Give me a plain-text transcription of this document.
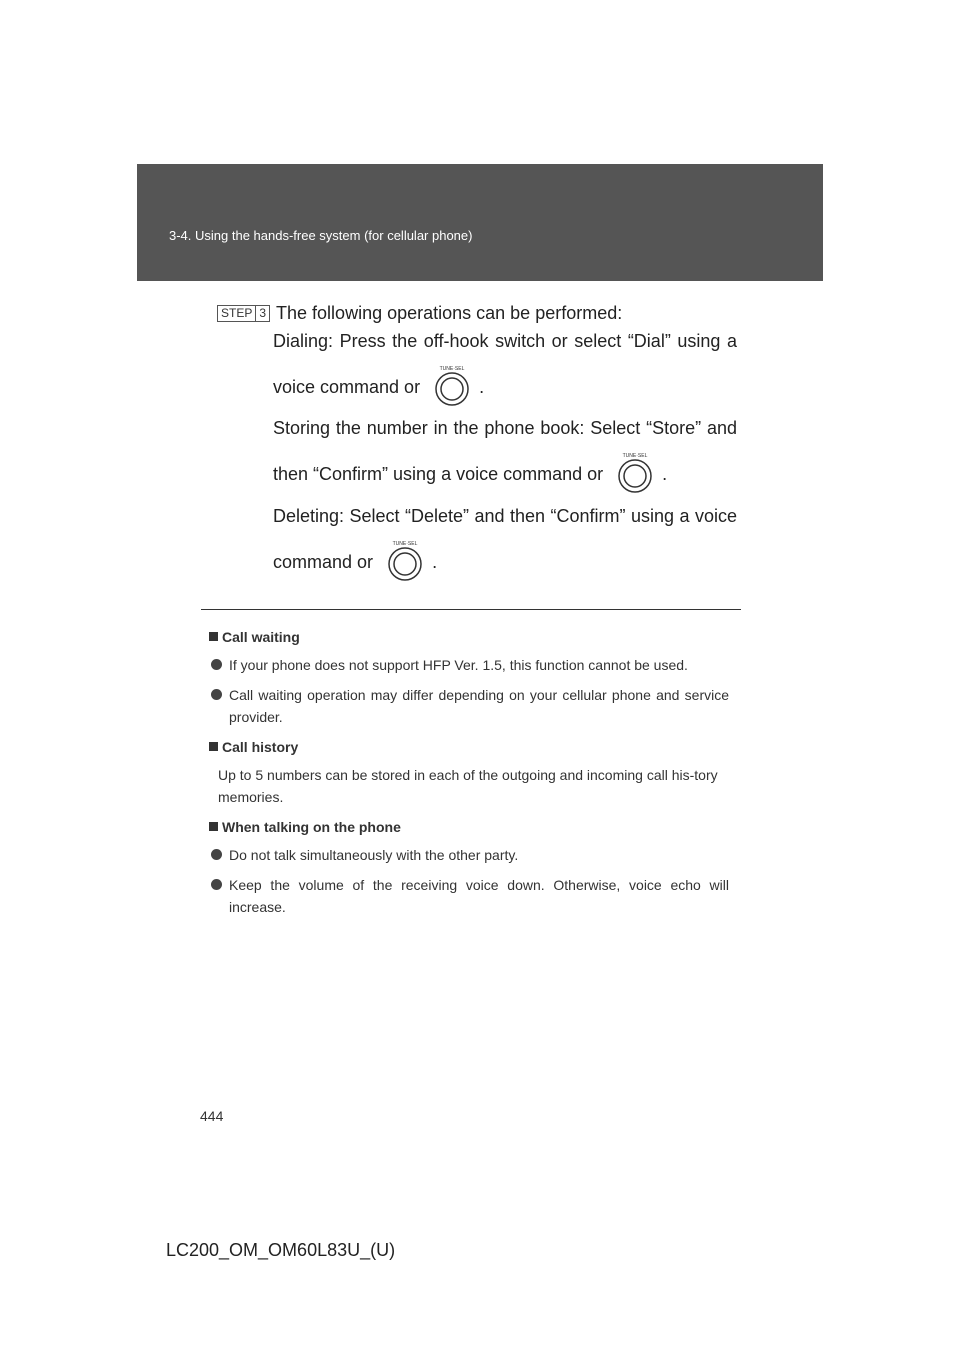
3-4. Using the hands-free system (for cellular phone)
STEP 3 The following operations can be performed:
Dialing: Press the off-hook switch or select “Dial” using a voice command or
TUNE·SEL
.
Storing the number in the phone book: Select “Store” and then “Confirm” using a voice command or
TUNE·SEL
.
Deleting: Select “Delete” and then “Confirm” using a voice command or
TUNE·SEL
.
Call waiting
If your phone does not support HFP Ver. 1.5, this function cannot be used.
Call waiting operation may differ depending on your cellular phone and service provider.
Call history
Up to 5 numbers can be stored in each of the outgoing and incoming call his-tory memories.
When talking on the phone
Do not talk simultaneously with the other party.
Keep the volume of the receiving voice down. Otherwise, voice echo will increase.
444
LC200_OM_OM60L83U_(U)
